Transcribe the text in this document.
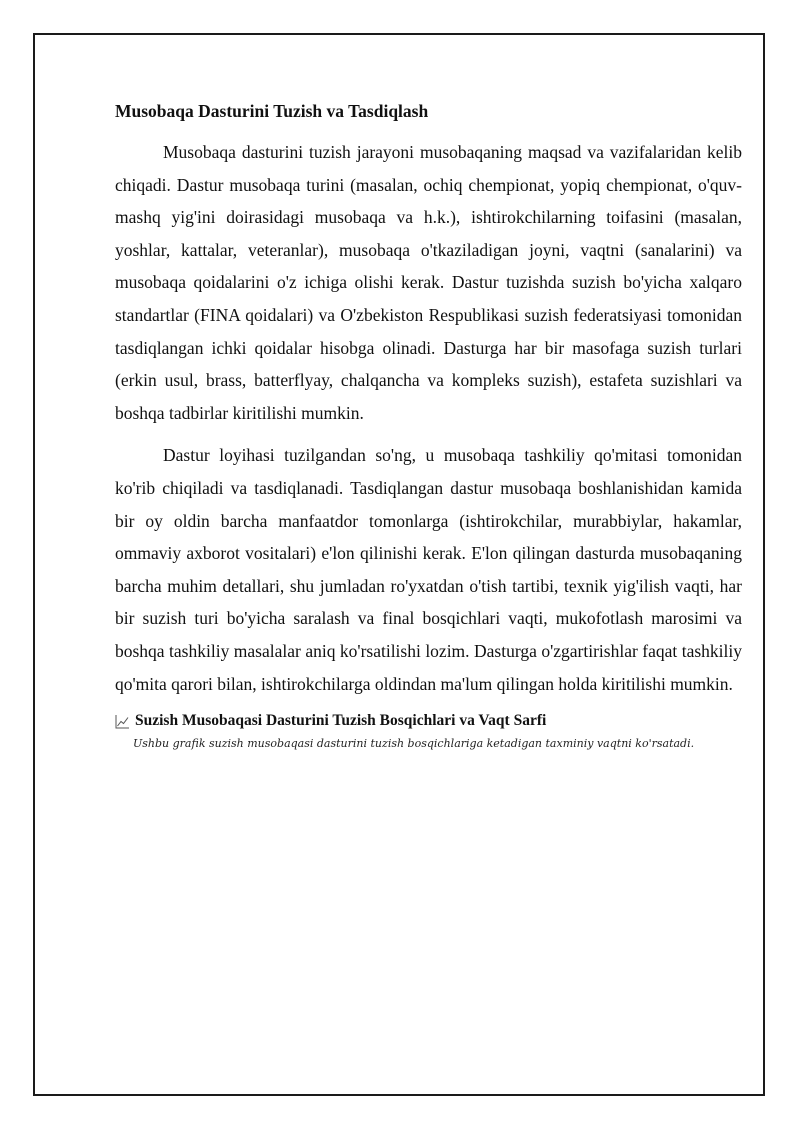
Musobaqa Dasturini Tuzish va Tasdiqlash

Musobaqa dasturini tuzish jarayoni musobaqaning maqsad va vazifalaridan kelib chiqadi. Dastur musobaqa turini (masalan, ochiq chempionat, yopiq chempionat, o'quv-mashq yig'ini doirasidagi musobaqa va h.k.), ishtirokchilarning toifasini (masalan, yoshlar, kattalar, veteranlar), musobaqa o'tkaziladigan joyni, vaqtni (sanalarini) va musobaqa qoidalarini o'z ichiga olishi kerak. Dastur tuzishda suzish bo'yicha xalqaro standartlar (FINA qoidalari) va O'zbekiston Respublikasi suzish federatsiyasi tomonidan tasdiqlangan ichki qoidalar hisobga olinadi. Dasturga har bir masofaga suzish turlari (erkin usul, brass, batterflyay, chalqancha va kompleks suzish), estafeta suzishlari va boshqa tadbirlar kiritilishi mumkin.

Dastur loyihasi tuzilgandan so'ng, u musobaqa tashkiliy qo'mitasi tomonidan ko'rib chiqiladi va tasdiqlanadi. Tasdiqlangan dastur musobaqa boshlanishidan kamida bir oy oldin barcha manfaatdor tomonlarga (ishtirokchilar, murabbiylar, hakamlar, ommaviy axborot vositalari) e'lon qilinishi kerak. E'lon qilingan dasturda musobaqaning barcha muhim detallari, shu jumladan ro'yxatdan o'tish tartibi, texnik yig'ilish vaqti, har bir suzish turi bo'yicha saralash va final bosqichlari vaqti, mukofotlash marosimi va boshqa tashkiliy masalalar aniq ko'rsatilishi lozim. Dasturga o'zgartirishlar faqat tashkiliy qo'mita qarori bilan, ishtirokchilarga oldindan ma'lum qilingan holda kiritilishi mumkin.

Suzish Musobaqasi Dasturini Tuzish Bosqichlari va Vaqt Sarfi
Ushbu grafik suzish musobaqasi dasturini tuzish bosqichlariga ketadigan taxminiy vaqtni ko'rsatadi.
